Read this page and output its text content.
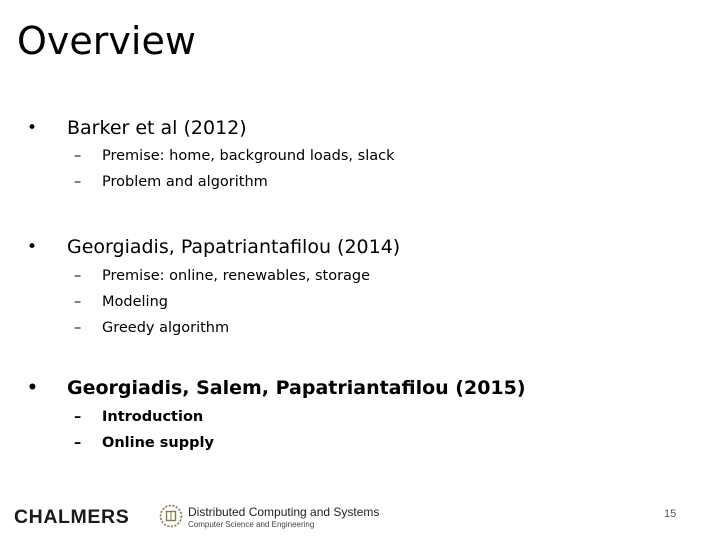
Overview
• Barker et al (2012)
– Premise: home, background loads, slack
– Problem and algorithm
• Georgiadis, Papatriantafilou (2014)
– Premise: online, renewables, storage
– Modeling
– Greedy algorithm
• Georgiadis, Salem, Papatriantafilou (2015)
– Introduction
– Online supply
CHALMERS	Distributed Computing and Systems
Computer Science and Engineering
15
